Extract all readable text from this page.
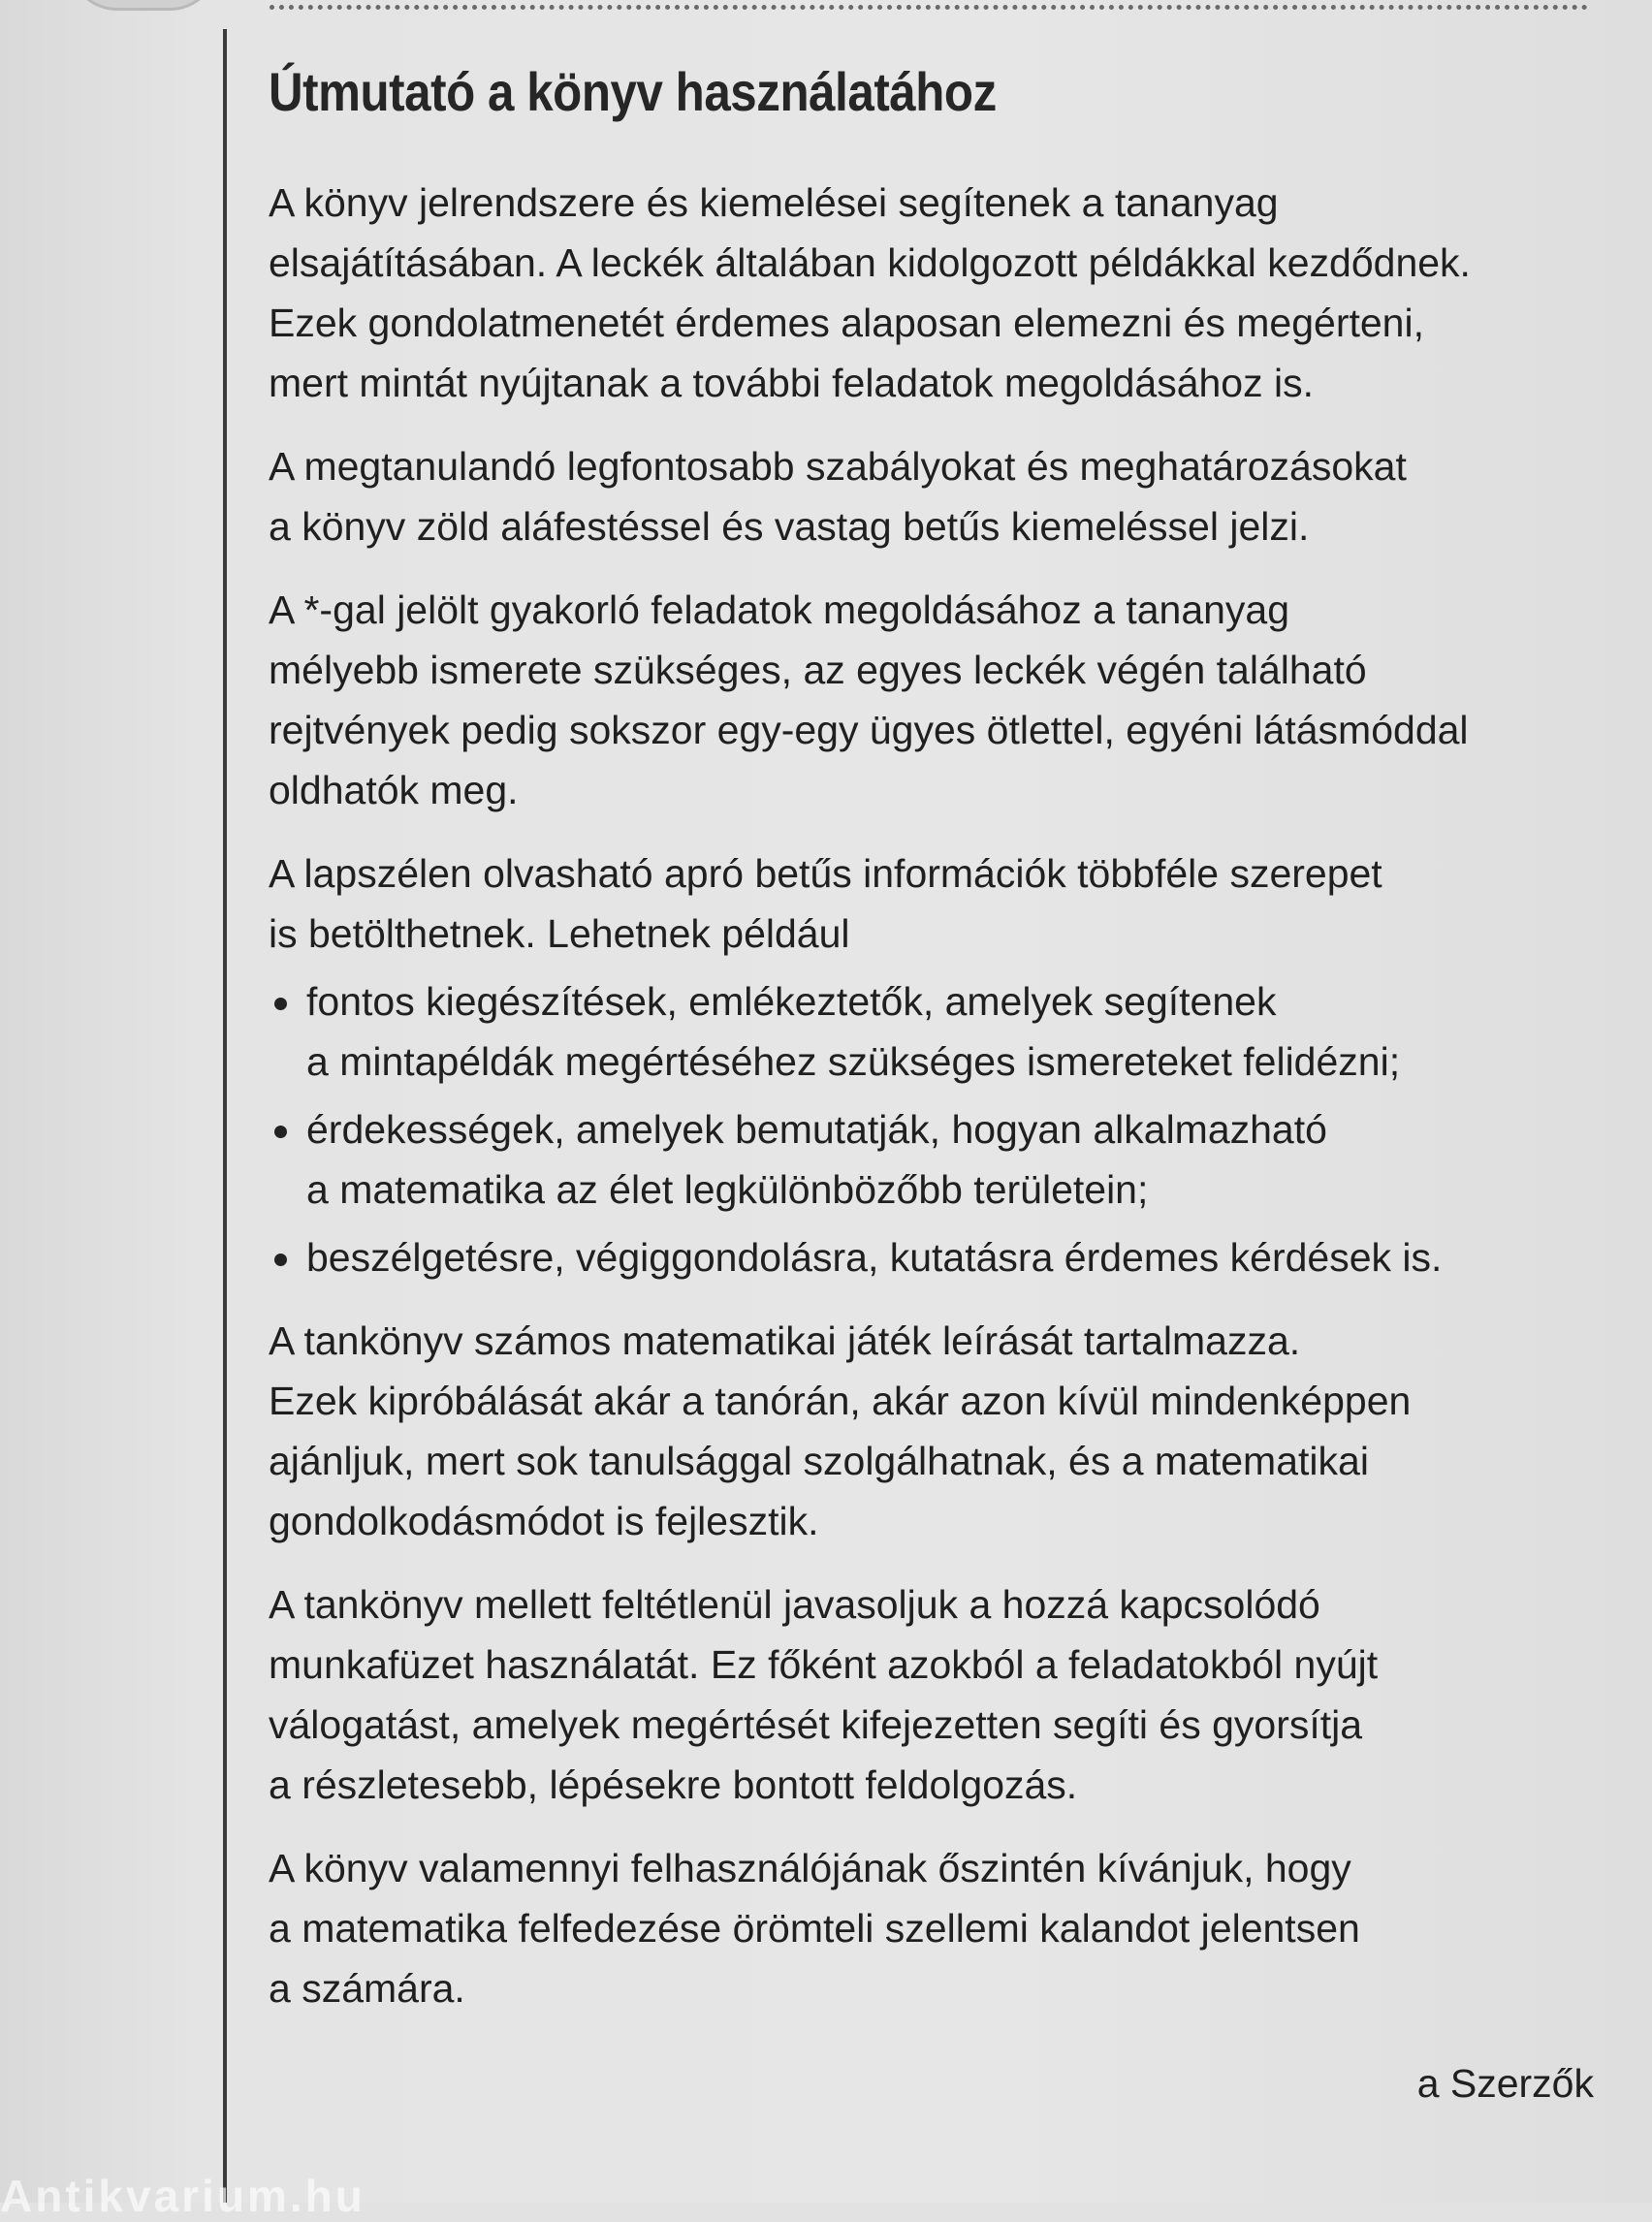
Útmutató a könyv használatához
A könyv jelrendszere és kiemelései segítenek a tananyag
elsajátításában. A leckék általában kidolgozott példákkal kezdődnek.
Ezek gondolatmenetét érdemes alaposan elemezni és megérteni,
mert mintát nyújtanak a további feladatok megoldásához is.
A megtanulandó legfontosabb szabályokat és meghatározásokat
a könyv zöld aláfestéssel és vastag betűs kiemeléssel jelzi.
A *-gal jelölt gyakorló feladatok megoldásához a tananyag
mélyebb ismerete szükséges, az egyes leckék végén található
rejtvények pedig sokszor egy-egy ügyes ötlettel, egyéni látásmóddal
oldhatók meg.
A lapszélen olvasható apró betűs információk többféle szerepet
is betölthetnek. Lehetnek például
fontos kiegészítések, emlékeztetők, amelyek segítenek
a mintapéldák megértéséhez szükséges ismereteket felidézni;
érdekességek, amelyek bemutatják, hogyan alkalmazható
a matematika az élet legkülönbözőbb területein;
beszélgetésre, végiggondolásra, kutatásra érdemes kérdések is.
A tankönyv számos matematikai játék leírását tartalmazza.
Ezek kipróbálását akár a tanórán, akár azon kívül mindenképpen
ajánljuk, mert sok tanulsággal szolgálhatnak, és a matematikai
gondolkodásmódot is fejlesztik.
A tankönyv mellett feltétlenül javasoljuk a hozzá kapcsolódó
munkafüzet használatát. Ez főként azokból a feladatokból nyújt
válogatást, amelyek megértését kifejezetten segíti és gyorsítja
a részletesebb, lépésekre bontott feldolgozás.
A könyv valamennyi felhasználójának őszintén kívánjuk, hogy
a matematika felfedezése örömteli szellemi kalandot jelentsen
a számára.
a Szerzők
Antikvarium.hu
